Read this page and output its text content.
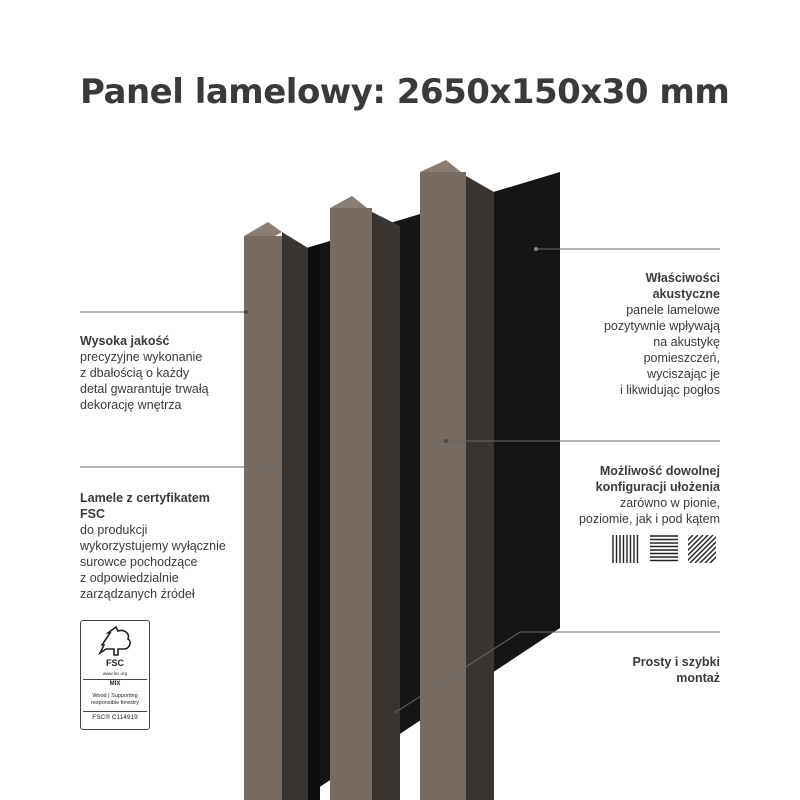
Panel lamelowy: 2650x150x30 mm
Wysoka jakość
precyzyjne wykonanie
z dbałością o każdy
detal gwarantuje trwałą
dekorację wnętrza
Lamele z certyfikatem
FSC
do produkcji
wykorzystujemy wyłącznie
surowce pochodzące
z odpowiedzialnie
zarządzanych źródeł
FSC
www.fsc.org
MIX
Wood | Supporting responsible forestry
FSC® C114919
Właściwości
akustyczne
panele lamelowe
pozytywnie wpływają
na akustykę
pomieszczeń,
wyciszając je
i likwidując pogłos
Możliwość dowolnej
konfiguracji ułożenia
zarówno w pionie,
poziomie, jak i pod kątem
Prosty i szybki
montaż
